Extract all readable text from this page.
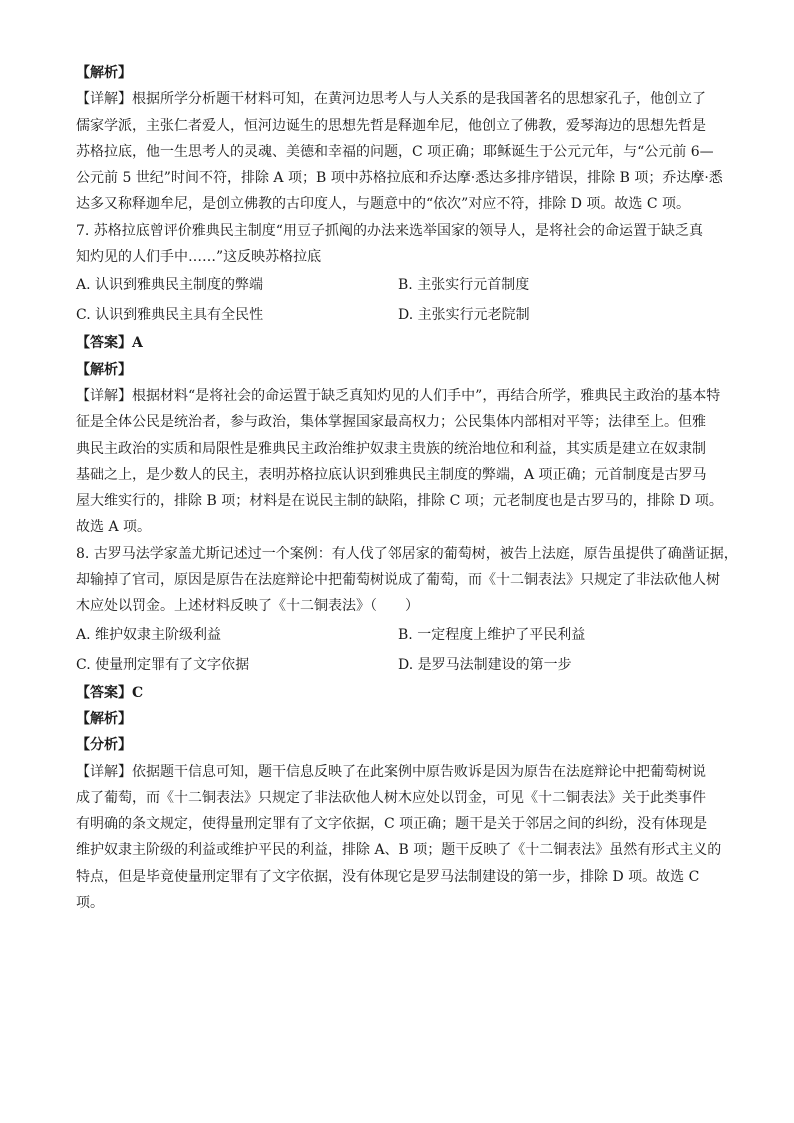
【解析】
【详解】根据所学分析题干材料可知，在黄河边思考人与人关系的是我国著名的思想家孔子，他创立了
儒家学派，主张仁者爱人，恒河边诞生的思想先哲是释迦牟尼，他创立了佛教，爱琴海边的思想先哲是
苏格拉底，他一生思考人的灵魂、美德和幸福的问题，C 项正确；耶稣诞生于公元元年，与“公元前 6—
公元前 5 世纪”时间不符，排除 A 项；B 项中苏格拉底和乔达摩·悉达多排序错误，排除 B 项；乔达摩·悉
达多又称释迦牟尼，是创立佛教的古印度人，与题意中的“依次”对应不符，排除 D 项。故选 C 项。
7. 苏格拉底曾评价雅典民主制度“用豆子抓阄的办法来选举国家的领导人，是将社会的命运置于缺乏真
知灼见的人们手中……”这反映苏格拉底
A. 认识到雅典民主制度的弊端	B. 主张实行元首制度
C. 认识到雅典民主具有全民性	D. 主张实行元老院制
【答案】A
【解析】
【详解】根据材料“是将社会的命运置于缺乏真知灼见的人们手中”，再结合所学，雅典民主政治的基本特
征是全体公民是统治者，参与政治，集体掌握国家最高权力；公民集体内部相对平等；法律至上。但雅
典民主政治的实质和局限性是雅典民主政治维护奴隶主贵族的统治地位和利益，其实质是建立在奴隶制
基础之上，是少数人的民主，表明苏格拉底认识到雅典民主制度的弊端，A 项正确；元首制度是古罗马
屋大维实行的，排除 B 项；材料是在说民主制的缺陷，排除 C 项；元老制度也是古罗马的，排除 D 项。
故选 A 项。
8. 古罗马法学家盖尤斯记述过一个案例：有人伐了邻居家的葡萄树，被告上法庭，原告虽提供了确凿证据，
却输掉了官司，原因是原告在法庭辩论中把葡萄树说成了葡萄，而《十二铜表法》只规定了非法砍他人树
木应处以罚金。上述材料反映了《十二铜表法》（　　）
A. 维护奴隶主阶级利益	B. 一定程度上维护了平民利益
C. 使量刑定罪有了文字依据	D. 是罗马法制建设的第一步
【答案】C
【解析】
【分析】
【详解】依据题干信息可知，题干信息反映了在此案例中原告败诉是因为原告在法庭辩论中把葡萄树说
成了葡萄，而《十二铜表法》只规定了非法砍他人树木应处以罚金，可见《十二铜表法》关于此类事件
有明确的条文规定，使得量刑定罪有了文字依据，C 项正确；题干是关于邻居之间的纠纷，没有体现是
维护奴隶主阶级的利益或维护平民的利益，排除 A、B 项；题干反映了《十二铜表法》虽然有形式主义的
特点，但是毕竟使量刑定罪有了文字依据，没有体现它是罗马法制建设的第一步，排除 D 项。故选 C
项。
